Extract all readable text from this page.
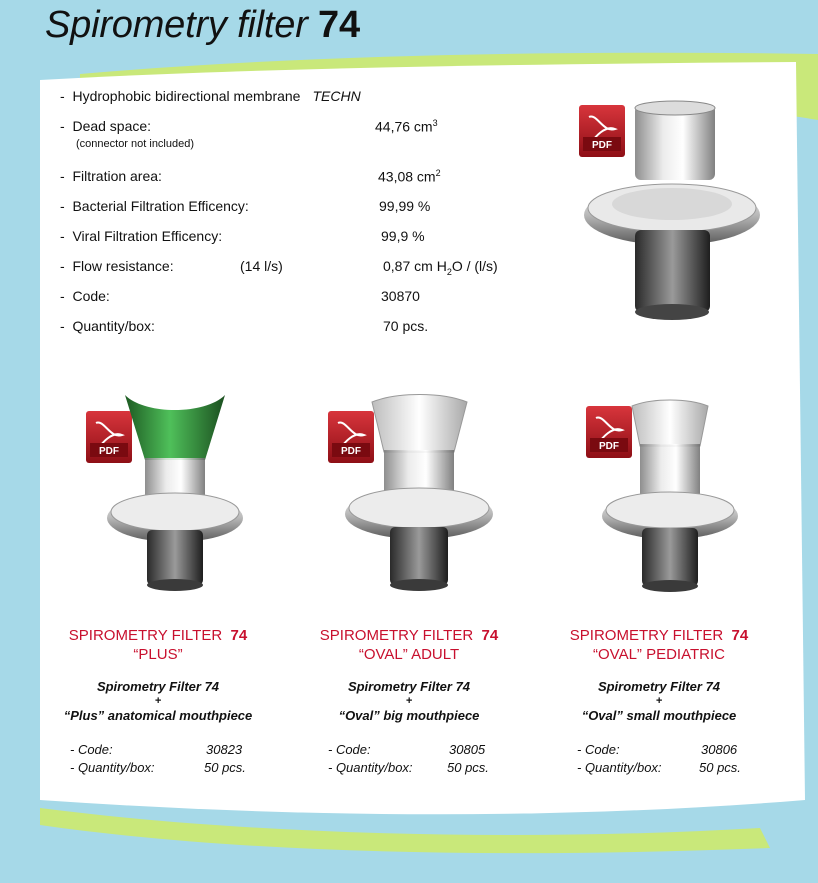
Spirometry filter 74
-  Hydrophobic bidirectional membrane TECHN
-  Dead space:	44,76 $cm^3$
(connector not included)
-  Filtration area:	43,08 $cm^2$
-  Bacterial Filtration Efficency:	99,99 %
-  Viral Filtration Efficency:	99,9 %
-  Flow resistance:	(14 l/s)	0,87 cm $H_2O / (l/s)$
-  Code:	30870
-  Quantity/box:	70 pcs.
PDF
PDF	PDF	PDF
SPIROMETRY FILTER 74
“PLUS”
Spirometry Filter 74
+
“Plus” anatomical mouthpiece
- Code:	30823
- Quantity/box:	50 pcs.
SPIROMETRY FILTER 74
“OVAL” ADULT
Spirometry Filter 74
+
“Oval” big mouthpiece
- Code:	30805
- Quantity/box:	50 pcs.
SPIROMETRY FILTER 74
“OVAL” PEDIATRIC
Spirometry Filter 74
+
“Oval” small mouthpiece
- Code:	30806
- Quantity/box:	50 pcs.
